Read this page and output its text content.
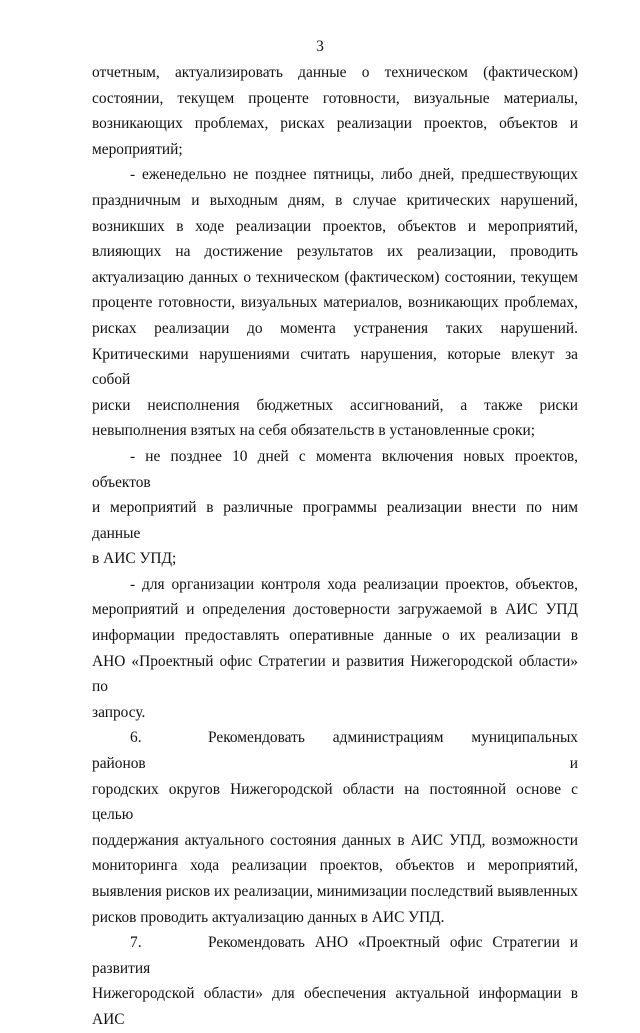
3

отчетным, актуализировать данные о техническом (фактическом)

состоянии, текущем проценте готовности, визуальные материалы,

возникающих проблемах, рисках реализации проектов, объектов и

мероприятий;

- еженедельно не позднее пятницы, либо дней, предшествующих

праздничным и выходным дням, в случае критических нарушений,

возникших в ходе реализации проектов, объектов и мероприятий,

влияющих на достижение результатов их реализации, проводить

актуализацию данных о техническом (фактическом) состоянии, текущем

проценте готовности, визуальных материалов, возникающих проблемах,

рисках реализации до момента устранения таких нарушений.

Критическими нарушениями считать нарушения, которые влекут за собой

риски неисполнения бюджетных ассигнований, а также риски

невыполнения взятых на себя обязательств в установленные сроки;

- не позднее 10 дней с момента включения новых проектов, объектов

и мероприятий в различные программы реализации внести по ним данные

в АИС УПД;

- для организации контроля хода реализации проектов, объектов,

мероприятий и определения достоверности загружаемой в АИС УПД

информации предоставлять оперативные данные о их реализации в

АНО «Проектный офис Стратегии и развития Нижегородской области» по

запросу.

6.	Рекомендовать администрациям муниципальных районов и

городских округов Нижегородской области на постоянной основе с целью

поддержания актуального состояния данных в АИС УПД, возможности

мониторинга хода реализации проектов, объектов и мероприятий,

выявления рисков их реализации, минимизации последствий выявленных

рисков проводить актуализацию данных в АИС УПД.

7.	Рекомендовать АНО «Проектный офис Стратегии и развития

Нижегородской области» для обеспечения актуальной информации в АИС
